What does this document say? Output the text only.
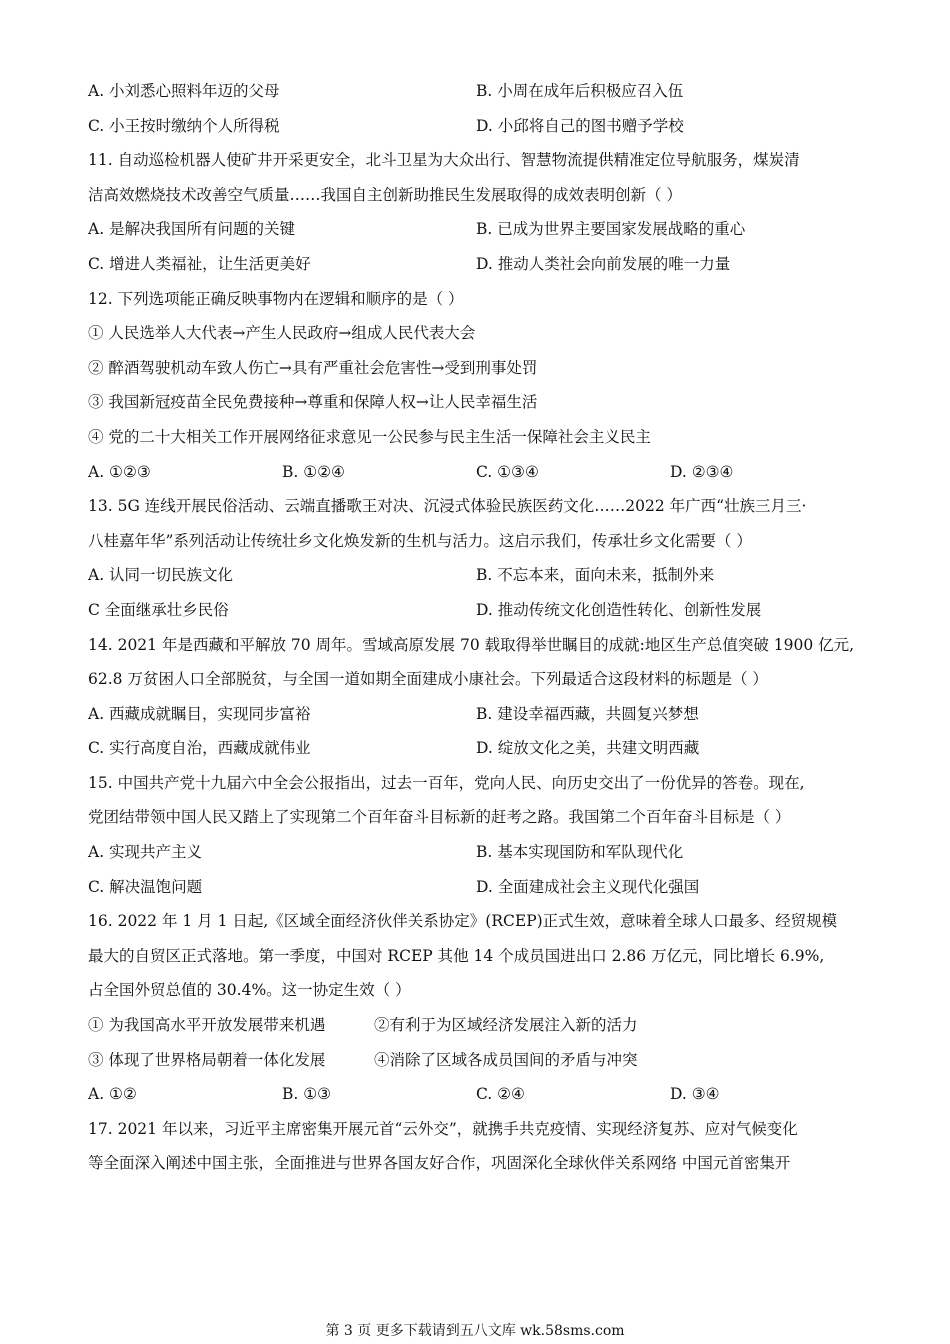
A. 小刘悉心照料年迈的父母	B. 小周在成年后积极应召入伍
C. 小王按时缴纳个人所得税	D. 小邱将自己的图书赠予学校
11. 自动巡检机器人使矿井开采更安全，北斗卫星为大众出行、智慧物流提供精准定位导航服务，煤炭清
洁高效燃烧技术改善空气质量……我国自主创新助推民生发展取得的成效表明创新（ ）
A. 是解决我国所有问题的关键	B. 已成为世界主要国家发展战略的重心
C. 增进人类福祉，让生活更美好	D. 推动人类社会向前发展的唯一力量
12. 下列选项能正确反映事物内在逻辑和顺序的是（ ）
① 人民选举人大代表→产生人民政府→组成人民代表大会
② 醉酒驾驶机动车致人伤亡→具有严重社会危害性→受到刑事处罚
③ 我国新冠疫苗全民免费接种→尊重和保障人权→让人民幸福生活
④ 党的二十大相关工作开展网络征求意见一公民参与民主生活一保障社会主义民主
A. ①②③	B. ①②④	C. ①③④	D. ②③④
13. 5G 连线开展民俗活动、云端直播歌王对决、沉浸式体验民族医药文化……2022 年广西“壮族三月三·
八桂嘉年华”系列活动让传统壮乡文化焕发新的生机与活力。这启示我们，传承壮乡文化需要（ ）
A. 认同一切民族文化	B. 不忘本来，面向未来，抵制外来
C 全面继承壮乡民俗	D. 推动传统文化创造性转化、创新性发展
14. 2021 年是西藏和平解放 70 周年。雪域高原发展 70 载取得举世瞩目的成就:地区生产总值突破 1900 亿元,
62.8 万贫困人口全部脱贫，与全国一道如期全面建成小康社会。下列最适合这段材料的标题是（ ）
A. 西藏成就瞩目，实现同步富裕	B. 建设幸福西藏，共圆复兴梦想
C. 实行高度自治，西藏成就伟业	D. 绽放文化之美，共建文明西藏
15. 中国共产党十九届六中全会公报指出，过去一百年，党向人民、向历史交出了一份优异的答卷。现在,
党团结带领中国人民又踏上了实现第二个百年奋斗目标新的赶考之路。我国第二个百年奋斗目标是（ ）
A. 实现共产主义	B. 基本实现国防和军队现代化
C. 解决温饱问题	D. 全面建成社会主义现代化强国
16. 2022 年 1 月 1 日起,《区域全面经济伙伴关系协定》(RCEP)正式生效，意味着全球人口最多、经贸规模
最大的自贸区正式落地。第一季度，中国对 RCEP 其他 14 个成员国进出口 2.86 万亿元，同比增长 6.9%,
占全国外贸总值的 30.4%。这一协定生效（ ）
① 为我国高水平开放发展带来机遇	②有利于为区域经济发展注入新的活力
③ 体现了世界格局朝着一体化发展	④消除了区域各成员国间的矛盾与冲突
A. ①②	B. ①③	C. ②④	D. ③④
17. 2021 年以来，习近平主席密集开展元首“云外交”，就携手共克疫情、实现经济复苏、应对气候变化
等全面深入阐述中国主张，全面推进与世界各国友好合作，巩固深化全球伙伴关系网络 中国元首密集开
第 3 页 更多下载请到五八文库 wk.58sms.com
